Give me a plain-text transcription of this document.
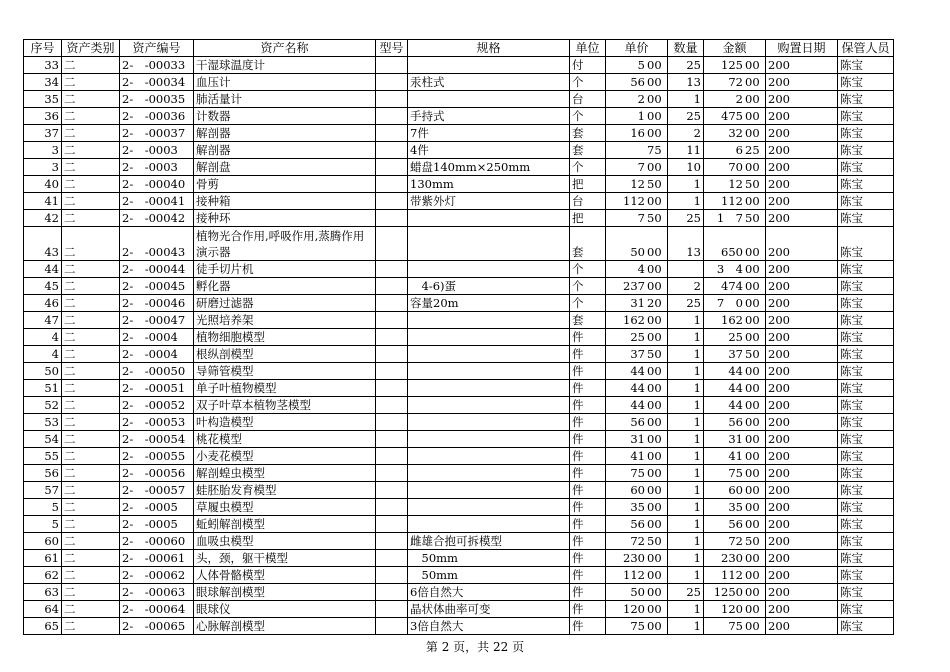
序号	资产类别	资产编号	资产名称	型号	规格	单位	单价	数量	金额	购置日期	保管人员
33	二	2-　-00033	干湿球温度计			付	5 00	25	125 00	200	陈宝
34	二	2-　-00034	血压计		汞柱式	个	56 00	13	72 00	200	陈宝
35	二	2-　-00035	肺活量计			台	2 00	1	2 00	200	陈宝
36	二	2-　-00036	计数器		手持式	个	1 00	25	475 00	200	陈宝
37	二	2-　-00037	解剖器		7件	套	16 00	2	32 00	200	陈宝
3	二	2-　-0003	解剖器		4件	套	75	11	6 25	200	陈宝
3	二	2-　-0003	解剖盘		蜡盘140mm×250mm	个	7 00	10	70 00	200	陈宝
40	二	2-　-00040	骨剪		130mm	把	12 50	1	12 50	200	陈宝
41	二	2-　-00041	接种箱		带紫外灯	台	112 00	1	112 00	200	陈宝
42	二	2-　-00042	接种环			把	7 50	25	1　7 50	200	陈宝
43	二	2-　-00043	植物光合作用,呼吸作用,蒸腾作用演示器			套	50 00	13	650 00	200	陈宝
44	二	2-　-00044	徒手切片机			个	4 00		3　4 00	200	陈宝
45	二	2-　-00045	孵化器		　4-6)蛋	个	237 00	2	474 00	200	陈宝
46	二	2-　-00046	研磨过滤器		容量20m	个	31 20	25	7　0 00	200	陈宝
47	二	2-　-00047	光照培养架			套	162 00	1	162 00	200	陈宝
4	二	2-　-0004	植物细胞模型			件	25 00	1	25 00	200	陈宝
4	二	2-　-0004	根纵剖模型			件	37 50	1	37 50	200	陈宝
50	二	2-　-00050	导筛管模型			件	44 00	1	44 00	200	陈宝
51	二	2-　-00051	单子叶植物模型			件	44 00	1	44 00	200	陈宝
52	二	2-　-00052	双子叶草本植物茎模型			件	44 00	1	44 00	200	陈宝
53	二	2-　-00053	叶构造模型			件	56 00	1	56 00	200	陈宝
54	二	2-　-00054	桃花模型			件	31 00	1	31 00	200	陈宝
55	二	2-　-00055	小麦花模型			件	41 00	1	41 00	200	陈宝
56	二	2-　-00056	解剖蝗虫模型			件	75 00	1	75 00	200	陈宝
57	二	2-　-00057	蛙胚胎发育模型			件	60 00	1	60 00	200	陈宝
5	二	2-　-0005	草履虫模型			件	35 00	1	35 00	200	陈宝
5	二	2-　-0005	蚯蚓解剖模型			件	56 00	1	56 00	200	陈宝
60	二	2-　-00060	血吸虫模型		雌雄合抱可拆模型	件	72 50	1	72 50	200	陈宝
61	二	2-　-00061	头，颈，躯干模型		　50mm	件	230 00	1	230 00	200	陈宝
62	二	2-　-00062	人体骨骼模型		　50mm	件	112 00	1	112 00	200	陈宝
63	二	2-　-00063	眼球解剖模型		6倍自然大	件	50 00	25	1250 00	200	陈宝
64	二	2-　-00064	眼球仪		晶状体曲率可变	件	120 00	1	120 00	200	陈宝
65	二	2-　-00065	心脉解剖模型		3倍自然大	件	75 00	1	75 00	200	陈宝
第 2 页，共 22 页
